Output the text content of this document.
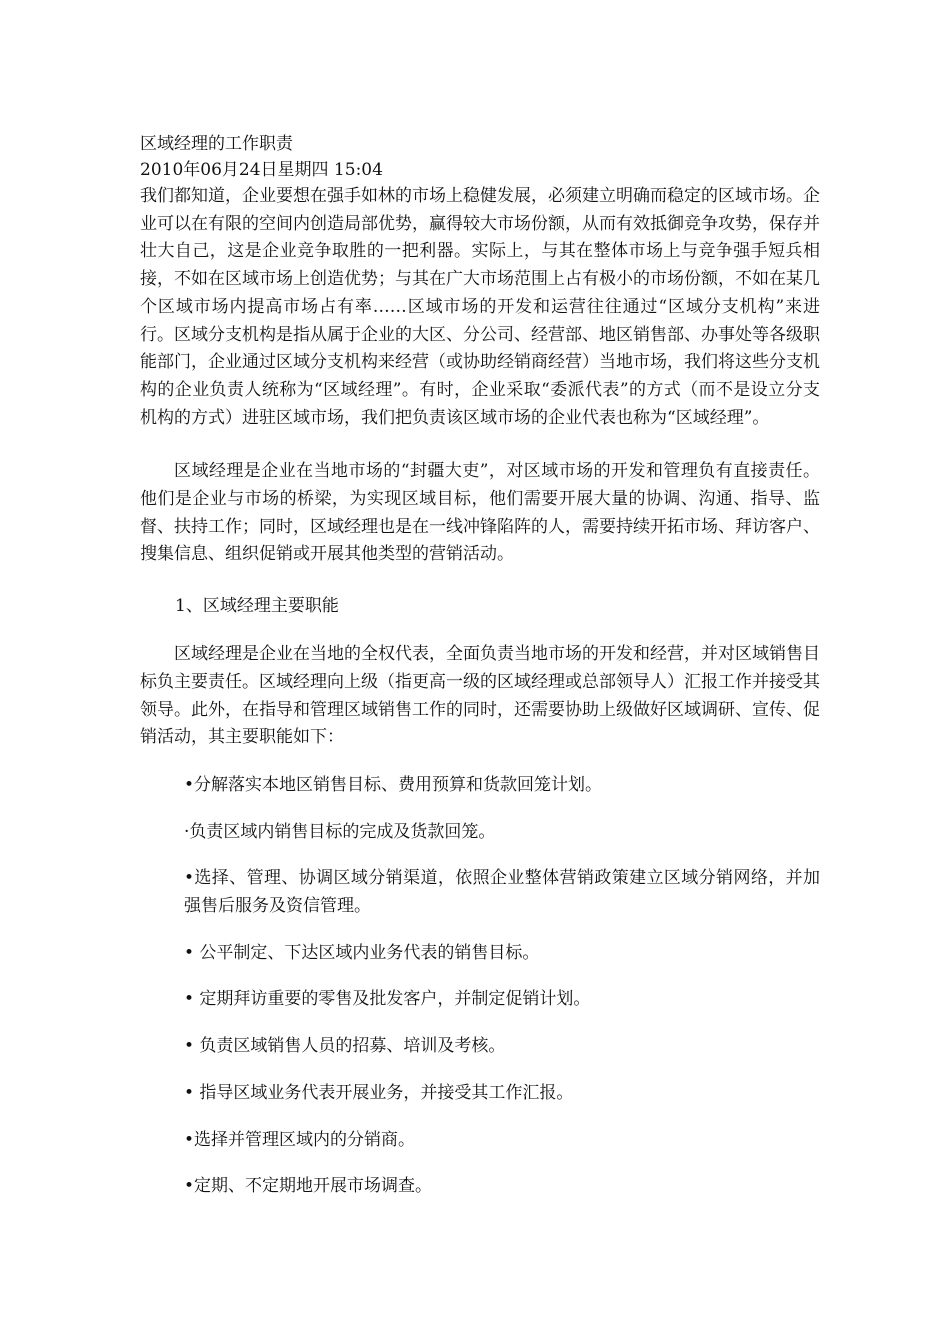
区域经理的工作职责
2010年06月24日星期四 15:04
我们都知道，企业要想在强手如林的市场上稳健发展，必须建立明确而稳定的区域市场。企业可以在有限的空间内创造局部优势，赢得较大市场份额，从而有效抵御竞争攻势，保存并壮大自己，这是企业竞争取胜的一把利器。实际上，与其在整体市场上与竞争强手短兵相接，不如在区域市场上创造优势；与其在广大市场范围上占有极小的市场份额，不如在某几个区域市场内提高市场占有率……区域市场的开发和运营往往通过“区域分支机构”来进行。区域分支机构是指从属于企业的大区、分公司、经营部、地区销售部、办事处等各级职能部门，企业通过区域分支机构来经营（或协助经销商经营）当地市场，我们将这些分支机构的企业负责人统称为“区域经理”。有时，企业采取“委派代表”的方式（而不是设立分支机构的方式）进驻区域市场，我们把负责该区域市场的企业代表也称为“区域经理”。
区域经理是企业在当地市场的“封疆大吏”，对区域市场的开发和管理负有直接责任。他们是企业与市场的桥梁，为实现区域目标，他们需要开展大量的协调、沟通、指导、监督、扶持工作；同时，区域经理也是在一线冲锋陷阵的人，需要持续开拓市场、拜访客户、搜集信息、组织促销或开展其他类型的营销活动。
1、区域经理主要职能
区域经理是企业在当地的全权代表，全面负责当地市场的开发和经营，并对区域销售目标负主要责任。区域经理向上级（指更高一级的区域经理或总部领导人）汇报工作并接受其领导。此外，在指导和管理区域销售工作的同时，还需要协助上级做好区域调研、宣传、促销活动，其主要职能如下：
•分解落实本地区销售目标、费用预算和货款回笼计划。
·负责区域内销售目标的完成及货款回笼。
•选择、管理、协调区域分销渠道，依照企业整体营销政策建立区域分销网络，并加强售后服务及资信管理。
• 公平制定、下达区域内业务代表的销售目标。
• 定期拜访重要的零售及批发客户，并制定促销计划。
• 负责区域销售人员的招募、培训及考核。
• 指导区域业务代表开展业务，并接受其工作汇报。
•选择并管理区域内的分销商。
•定期、不定期地开展市场调查。
